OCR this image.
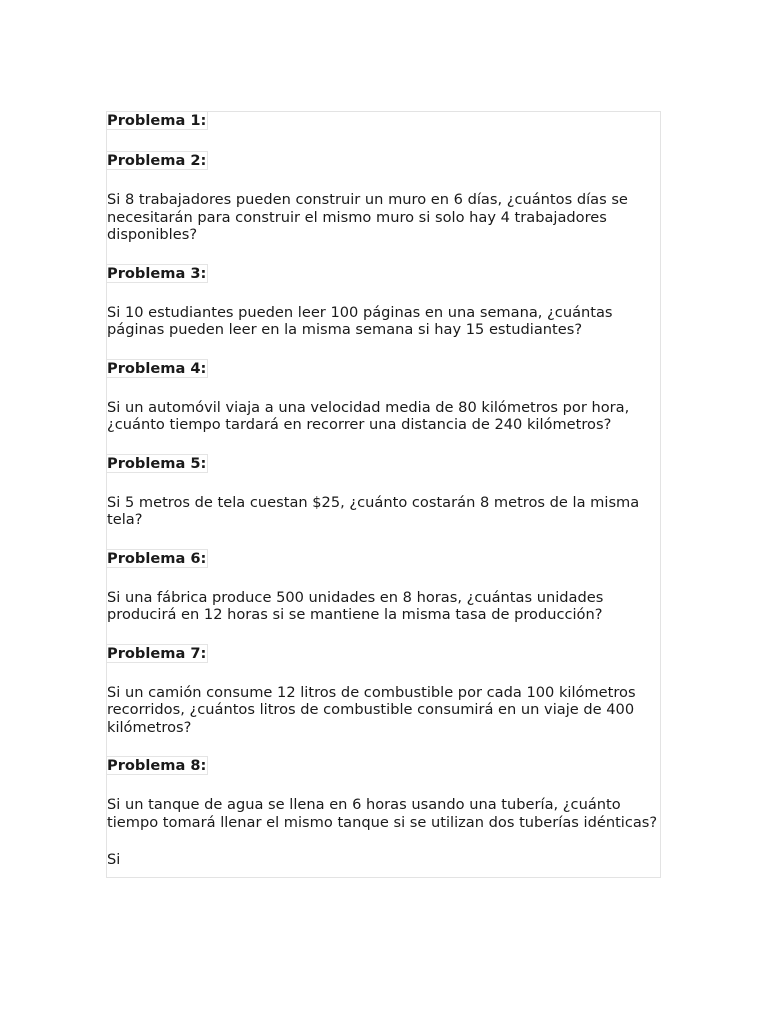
Problema 1:
Problema 2:

Si 8 trabajadores pueden construir un muro en 6 días, ¿cuántos días se necesitarán para construir el mismo muro si solo hay 4 trabajadores disponibles?

Problema 3:

Si 10 estudiantes pueden leer 100 páginas en una semana, ¿cuántas páginas pueden leer en la misma semana si hay 15 estudiantes?

Problema 4:

Si un automóvil viaja a una velocidad media de 80 kilómetros por hora, ¿cuánto tiempo tardará en recorrer una distancia de 240 kilómetros?

Problema 5:

Si 5 metros de tela cuestan $25, ¿cuánto costarán 8 metros de la misma tela?

Problema 6:

Si una fábrica produce 500 unidades en 8 horas, ¿cuántas unidades producirá en 12 horas si se mantiene la misma tasa de producción?

Problema 7:

Si un camión consume 12 litros de combustible por cada 100 kilómetros recorridos, ¿cuántos litros de combustible consumirá en un viaje de 400 kilómetros?

Problema 8:

Si un tanque de agua se llena en 6 horas usando una tubería, ¿cuánto tiempo tomará llenar el mismo tanque si se utilizan dos tuberías idénticas?

Si
